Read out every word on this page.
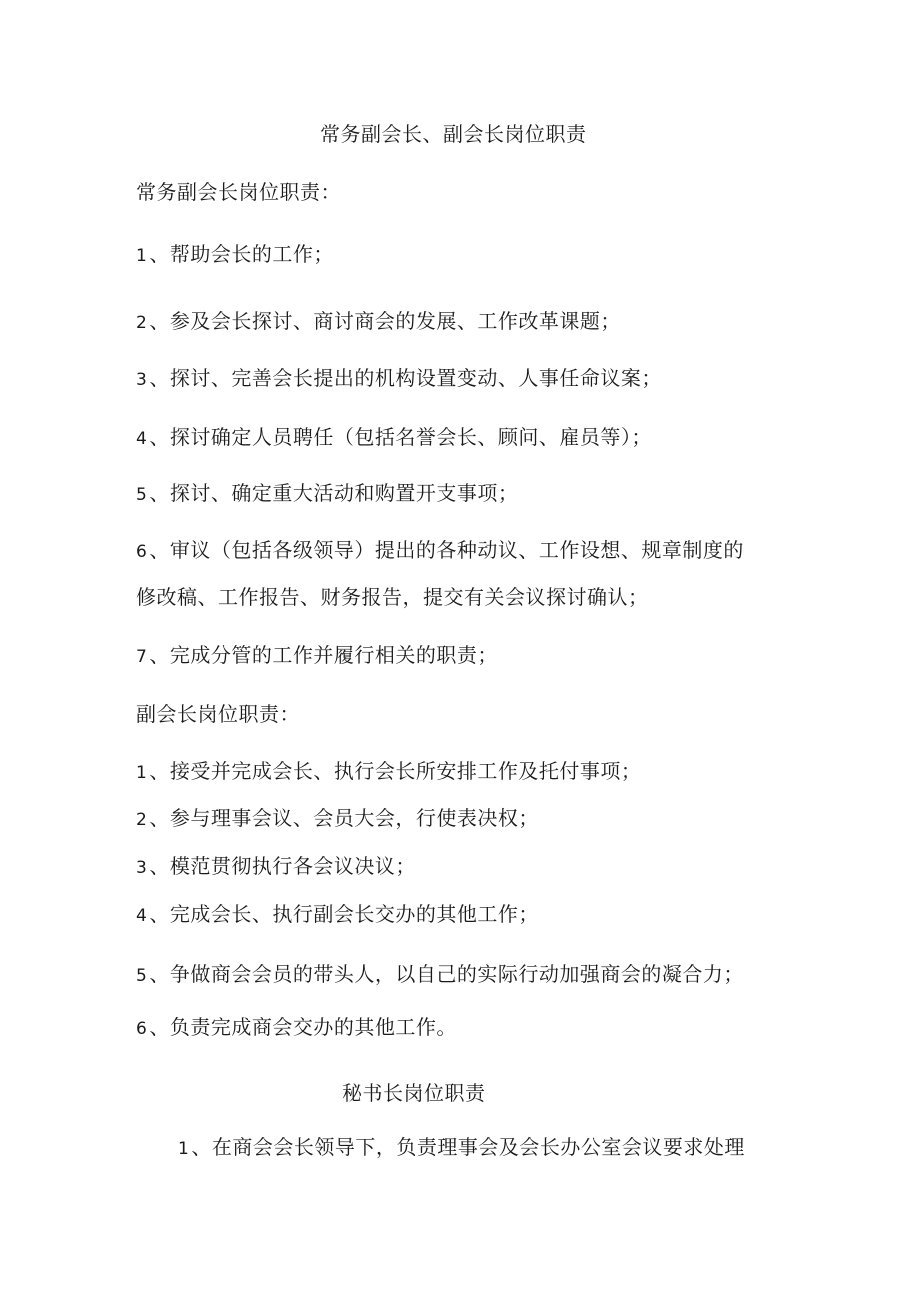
常务副会长、副会长岗位职责
常务副会长岗位职责：
1 、帮助会长的工作；
2 、参及会长探讨、商讨商会的发展、工作改革课题；
3 、探讨、完善会长提出的机构设置变动、人事任命议案；
4 、探讨确定人员聘任（包括名誉会长、顾问、雇员等）；
5 、探讨、确定重大活动和购置开支事项；
6 、审议（包括各级领导）提出的各种动议、工作设想、规章制度的
修改稿、工作报告、财务报告，提交有关会议探讨确认；
7 、完成分管的工作并履行相关的职责；
副会长岗位职责：
1 、接受并完成会长、执行会长所安排工作及托付事项；
2 、参与理事会议、会员大会，行使表决权；
3 、模范贯彻执行各会议决议；
4 、完成会长、执行副会长交办的其他工作；
5 、争做商会会员的带头人，以自己的实际行动加强商会的凝合力；
6 、负责完成商会交办的其他工作。
秘书长岗位职责
1 、在商会会长领导下，负责理事会及会长办公室会议要求处理
